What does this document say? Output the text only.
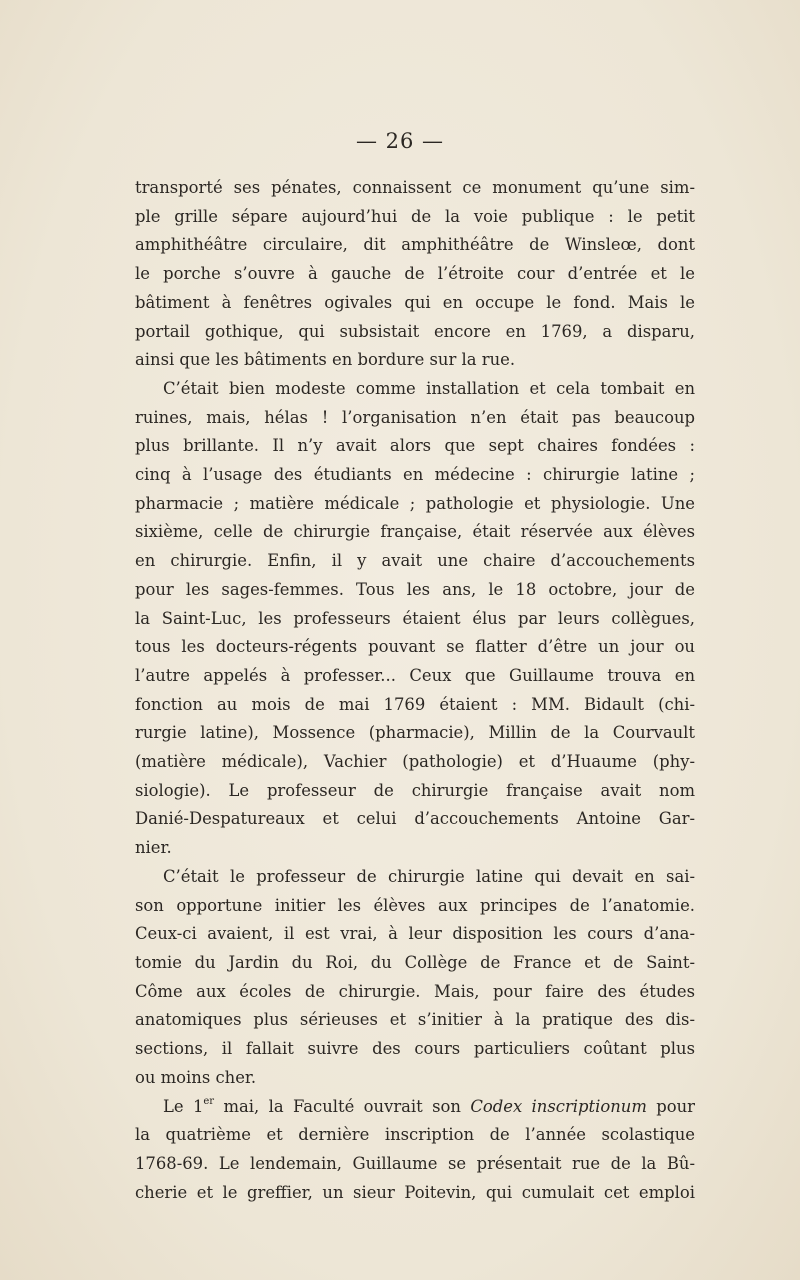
— 26 —
transporté ses pénates, connaissent ce monument qu’une sim-
ple grille sépare aujourd’hui de la voie publique : le petit
amphithéâtre circulaire, dit amphithéâtre de Winsleœ, dont
le porche s’ouvre à gauche de l’étroite cour d’entrée et le
bâtiment à fenêtres ogivales qui en occupe le fond. Mais le
portail gothique, qui subsistait encore en 1769, a disparu,
ainsi que les bâtiments en bordure sur la rue.
C’était bien modeste comme installation et cela tombait en
ruines, mais, hélas ! l’organisation n’en était pas beaucoup
plus brillante. Il n’y avait alors que sept chaires fondées :
cinq à l’usage des étudiants en médecine : chirurgie latine ;
pharmacie ; matière médicale ; pathologie et physiologie. Une
sixième, celle de chirurgie française, était réservée aux élèves
en chirurgie. Enfin, il y avait une chaire d’accouchements
pour les sages-femmes. Tous les ans, le 18 octobre, jour de
la Saint-Luc, les professeurs étaient élus par leurs collègues,
tous les docteurs-régents pouvant se flatter d’être un jour ou
l’autre appelés à professer... Ceux que Guillaume trouva en
fonction au mois de mai 1769 étaient : MM. Bidault (chi-
rurgie latine), Mossence (pharmacie), Millin de la Courvault
(matière médicale), Vachier (pathologie) et d’Huaume (phy-
siologie). Le professeur de chirurgie française avait nom
Danié-Despatureaux et celui d’accouchements Antoine Gar-
nier.
C’était le professeur de chirurgie latine qui devait en sai-
son opportune initier les élèves aux principes de l’anatomie.
Ceux-ci avaient, il est vrai, à leur disposition les cours d’ana-
tomie du Jardin du Roi, du Collège de France et de Saint-
Côme aux écoles de chirurgie. Mais, pour faire des études
anatomiques plus sérieuses et s’initier à la pratique des dis-
sections, il fallait suivre des cours particuliers coûtant plus
ou moins cher.
Le 1er mai, la Faculté ouvrait son Codex inscriptionum pour
la quatrième et dernière inscription de l’année scolastique
1768-69. Le lendemain, Guillaume se présentait rue de la Bû-
cherie et le greffier, un sieur Poitevin, qui cumulait cet emploi
